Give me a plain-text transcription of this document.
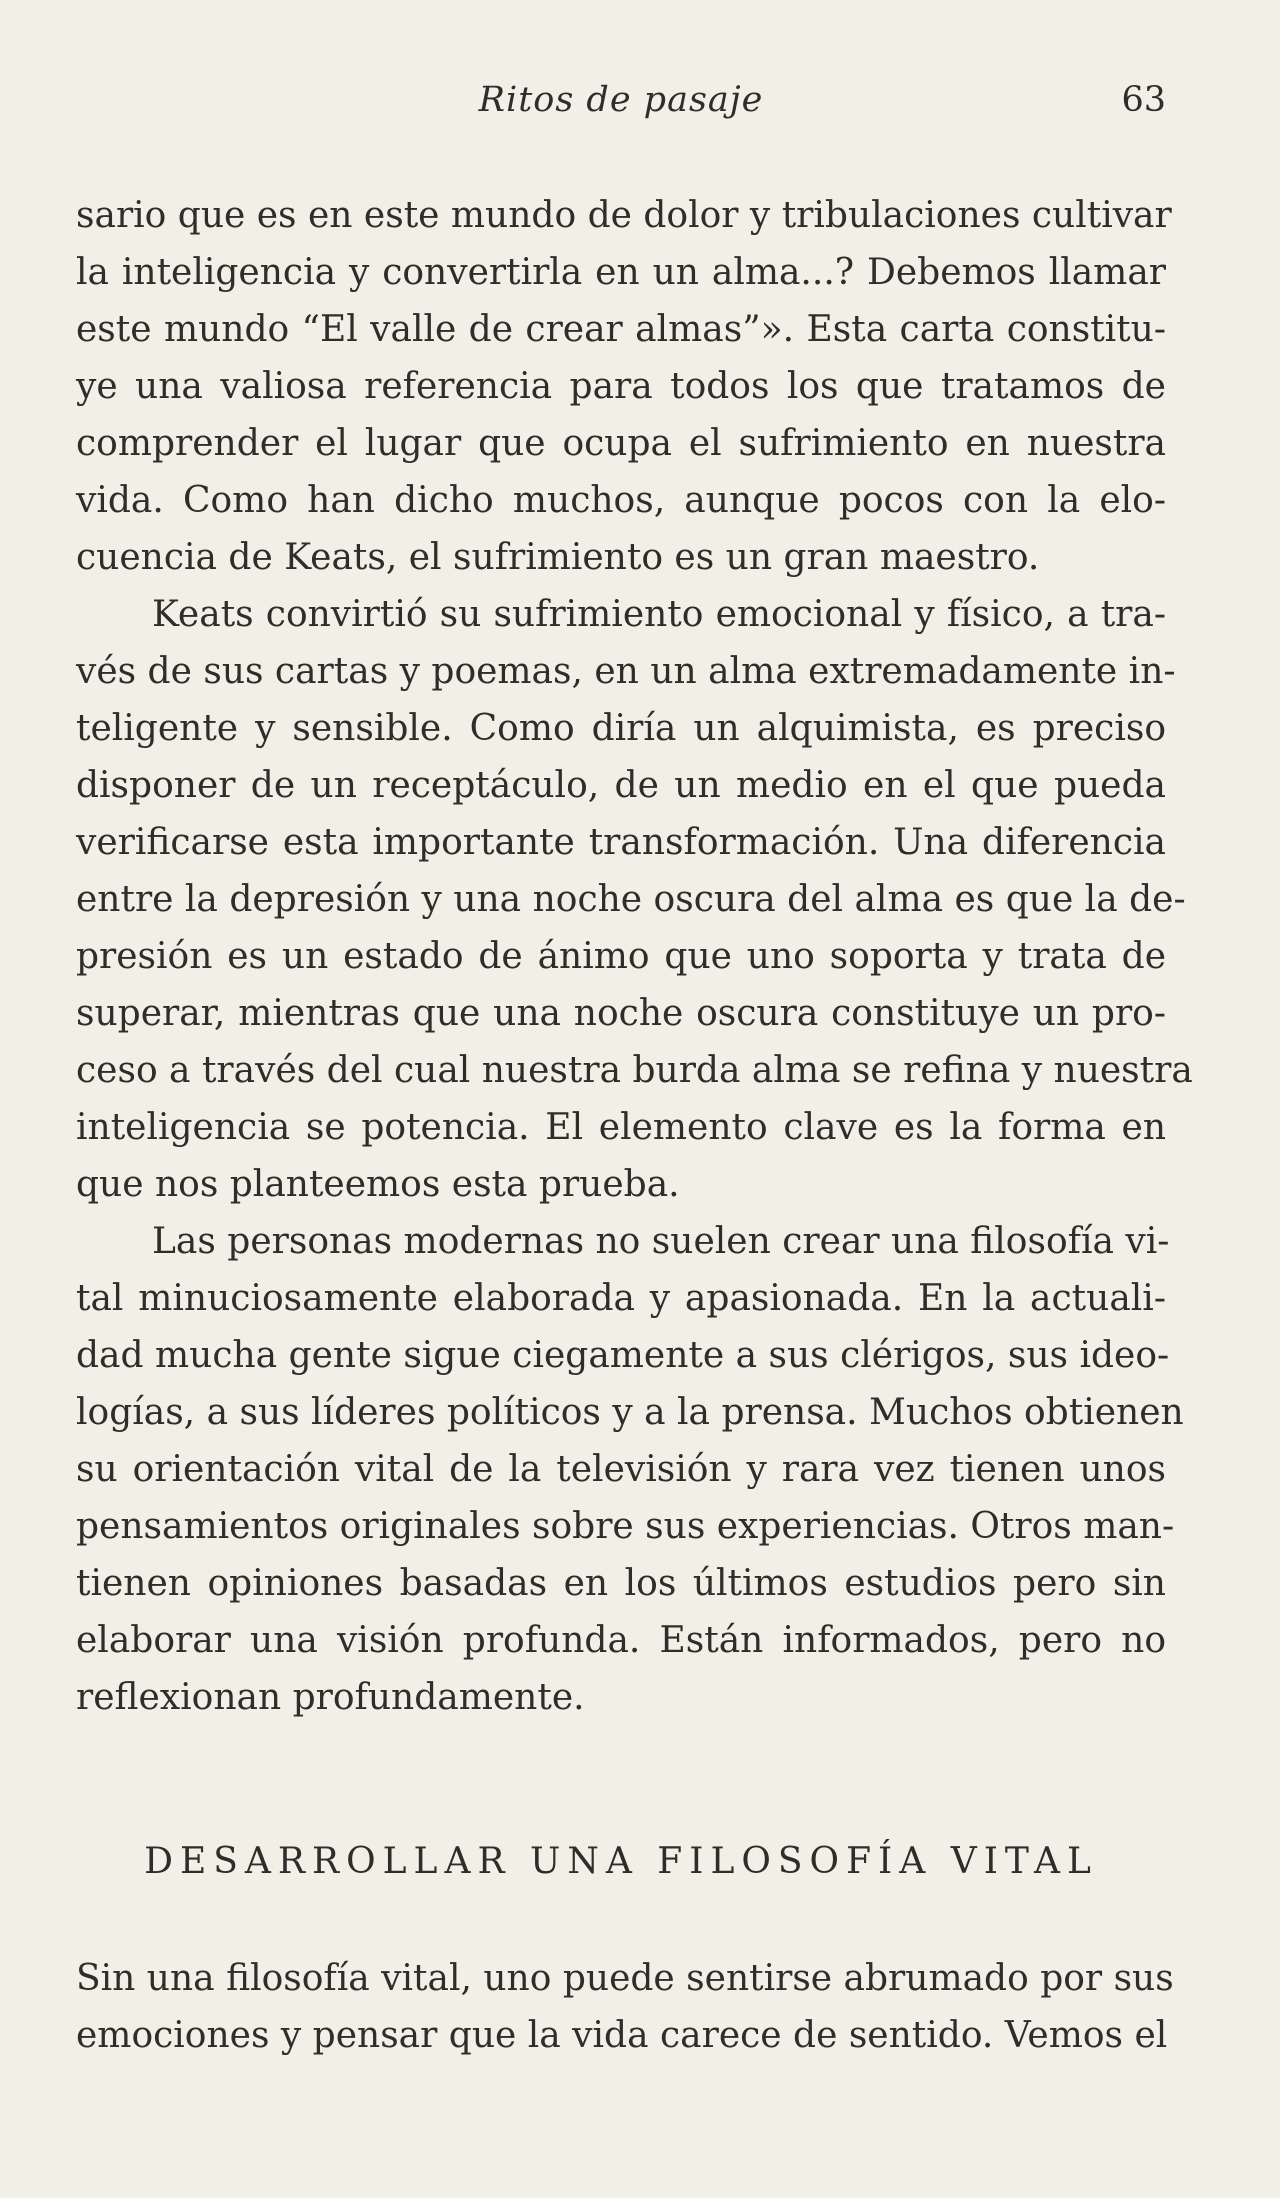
Ritos de pasaje	63
sario que es en este mundo de dolor y tribulaciones cultivar
la inteligencia y convertirla en un alma...? Debemos llamar
este mundo “El valle de crear almas”». Esta carta constitu-
ye una valiosa referencia para todos los que tratamos de
comprender el lugar que ocupa el sufrimiento en nuestra
vida. Como han dicho muchos, aunque pocos con la elo-
cuencia de Keats, el sufrimiento es un gran maestro.
Keats convirtió su sufrimiento emocional y físico, a tra-
vés de sus cartas y poemas, en un alma extremadamente in-
teligente y sensible. Como diría un alquimista, es preciso
disponer de un receptáculo, de un medio en el que pueda
verificarse esta importante transformación. Una diferencia
entre la depresión y una noche oscura del alma es que la de-
presión es un estado de ánimo que uno soporta y trata de
superar, mientras que una noche oscura constituye un pro-
ceso a través del cual nuestra burda alma se refina y nuestra
inteligencia se potencia. El elemento clave es la forma en
que nos planteemos esta prueba.
Las personas modernas no suelen crear una filosofía vi-
tal minuciosamente elaborada y apasionada. En la actuali-
dad mucha gente sigue ciegamente a sus clérigos, sus ideo-
logías, a sus líderes políticos y a la prensa. Muchos obtienen
su orientación vital de la televisión y rara vez tienen unos
pensamientos originales sobre sus experiencias. Otros man-
tienen opiniones basadas en los últimos estudios pero sin
elaborar una visión profunda. Están informados, pero no
reflexionan profundamente.
DESARROLLAR UNA FILOSOFÍA VITAL
Sin una filosofía vital, uno puede sentirse abrumado por sus
emociones y pensar que la vida carece de sentido. Vemos el
